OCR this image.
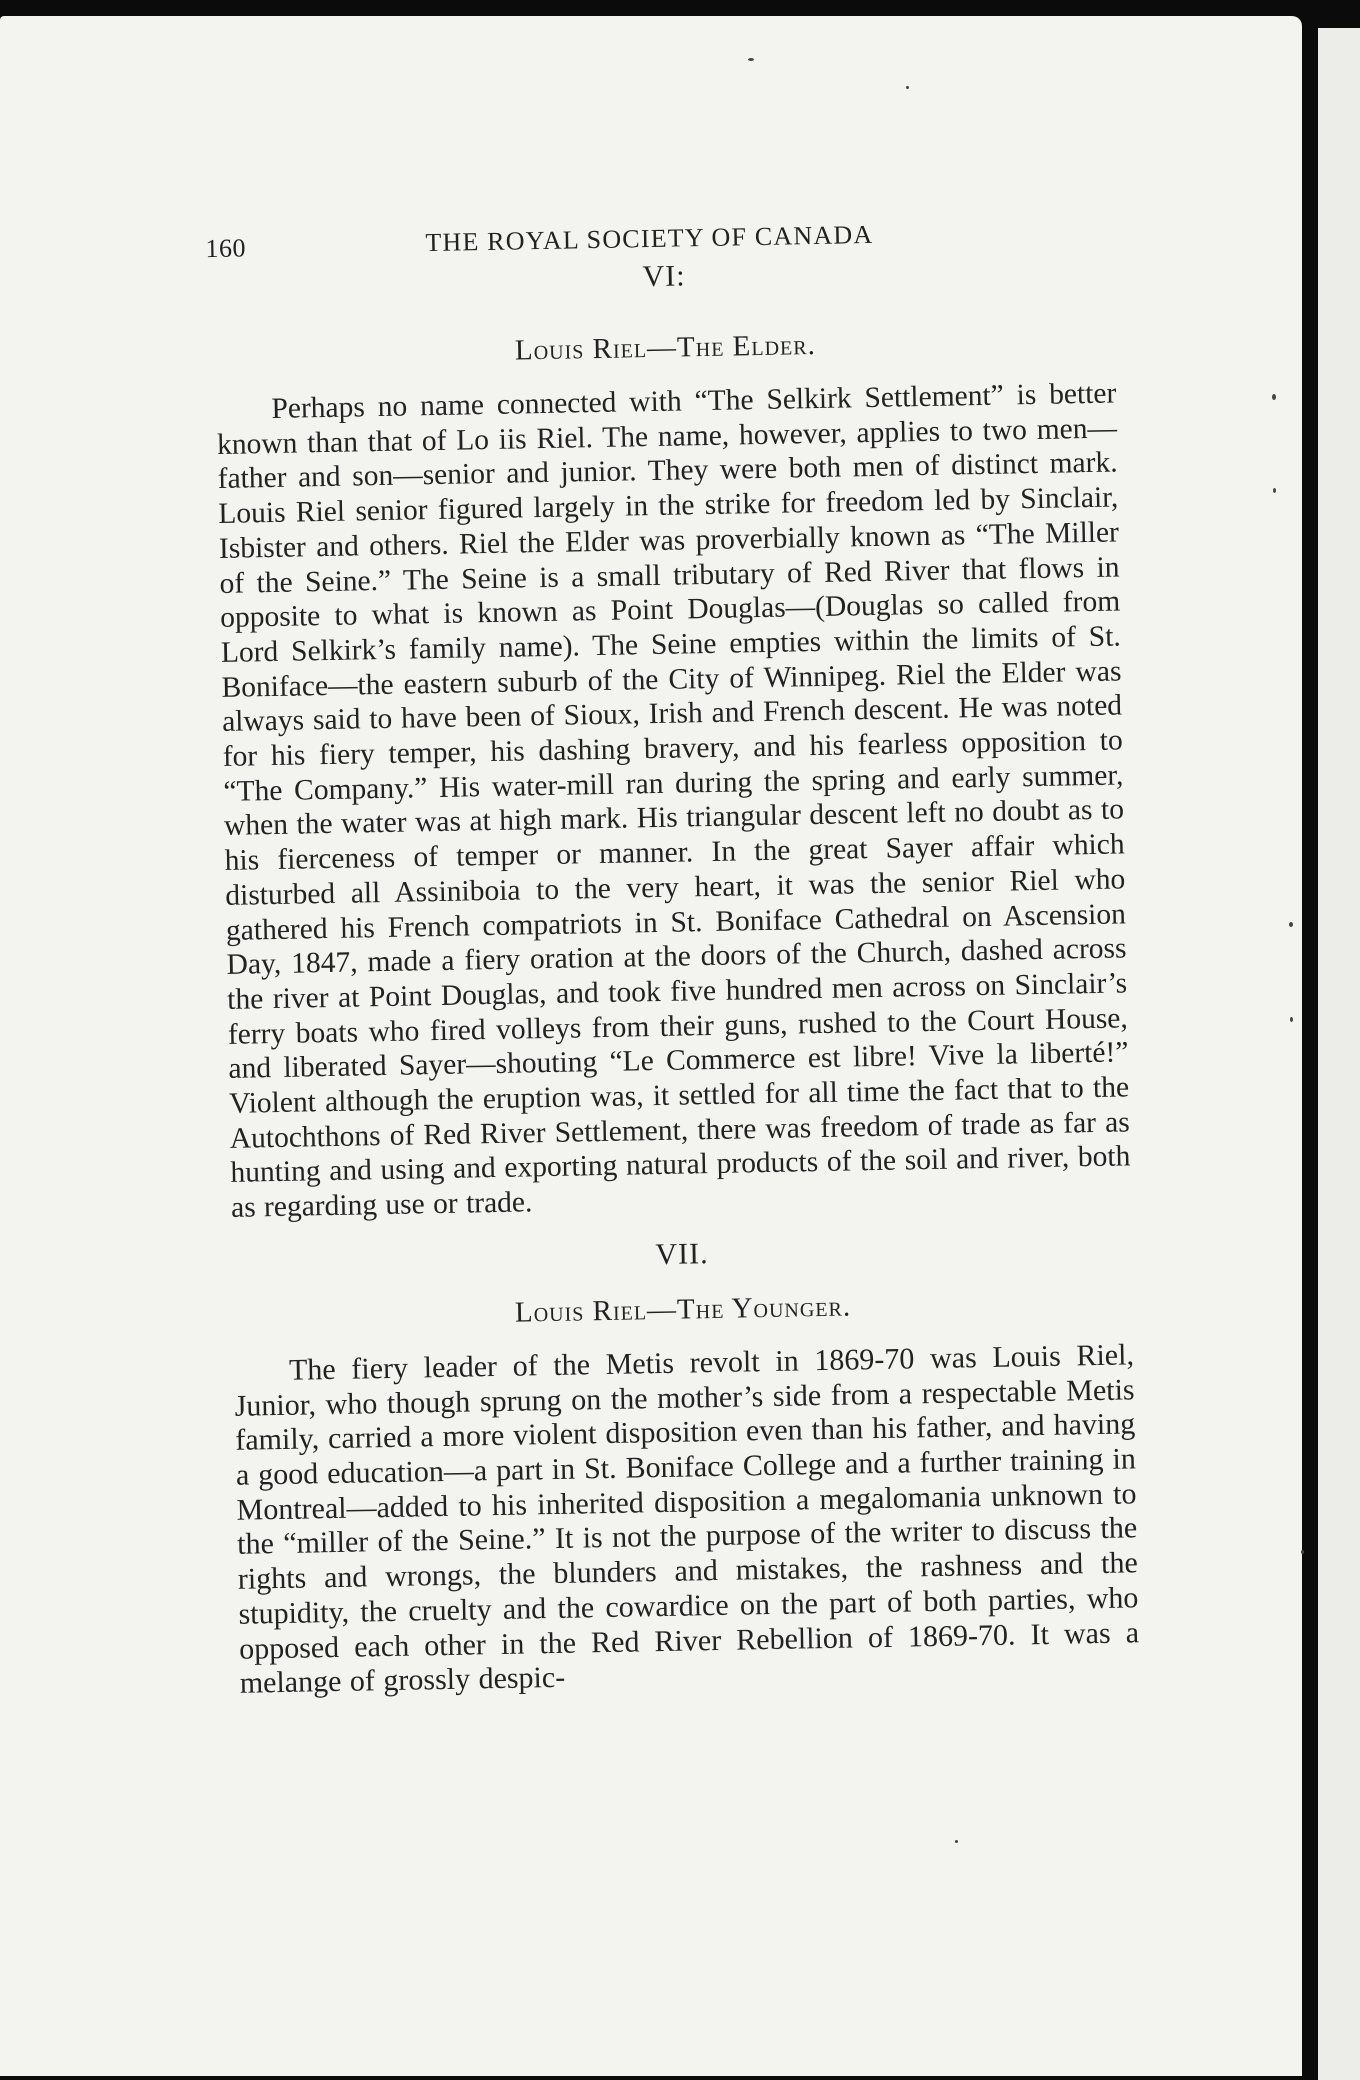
160	THE ROYAL SOCIETY OF CANADA
VI:
Louis Riel—The Elder.

Perhaps no name connected with “The Selkirk Settlement” is better known than that of Lo iis Riel. The name, however, applies to two men—father and son—senior and junior. They were both men of distinct mark. Louis Riel senior figured largely in the strike for freedom led by Sinclair, Isbister and others. Riel the Elder was proverbially known as “The Miller of the Seine.” The Seine is a small tributary of Red River that flows in opposite to what is known as Point Douglas—(Douglas so called from Lord Selkirk’s family name). The Seine empties within the limits of St. Boniface—the eastern suburb of the City of Winnipeg. Riel the Elder was always said to have been of Sioux, Irish and French descent. He was noted for his fiery temper, his dashing bravery, and his fearless opposition to “The Company.” His water-mill ran during the spring and early summer, when the water was at high mark. His triangular descent left no doubt as to his fierceness of temper or manner. In the great Sayer affair which disturbed all Assiniboia to the very heart, it was the senior Riel who gathered his French compatriots in St. Boniface Cathedral on Ascension Day, 1847, made a fiery oration at the doors of the Church, dashed across the river at Point Douglas, and took five hundred men across on Sinclair’s ferry boats who fired volleys from their guns, rushed to the Court House, and liberated Sayer—shouting “Le Commerce est libre! Vive la liberté!” Violent although the eruption was, it settled for all time the fact that to the Autochthons of Red River Settlement, there was freedom of trade as far as hunting and using and exporting natural products of the soil and river, both as regarding use or trade.

VII.
Louis Riel—The Younger.

The fiery leader of the Metis revolt in 1869-70 was Louis Riel, Junior, who though sprung on the mother’s side from a respectable Metis family, carried a more violent disposition even than his father, and having a good education—a part in St. Boniface College and a further training in Montreal—added to his inherited disposition a megalomania unknown to the “miller of the Seine.” It is not the purpose of the writer to discuss the rights and wrongs, the blunders and mistakes, the rashness and the stupidity, the cruelty and the cowardice on the part of both parties, who opposed each other in the Red River Rebellion of 1869-70. It was a melange of grossly despic-
